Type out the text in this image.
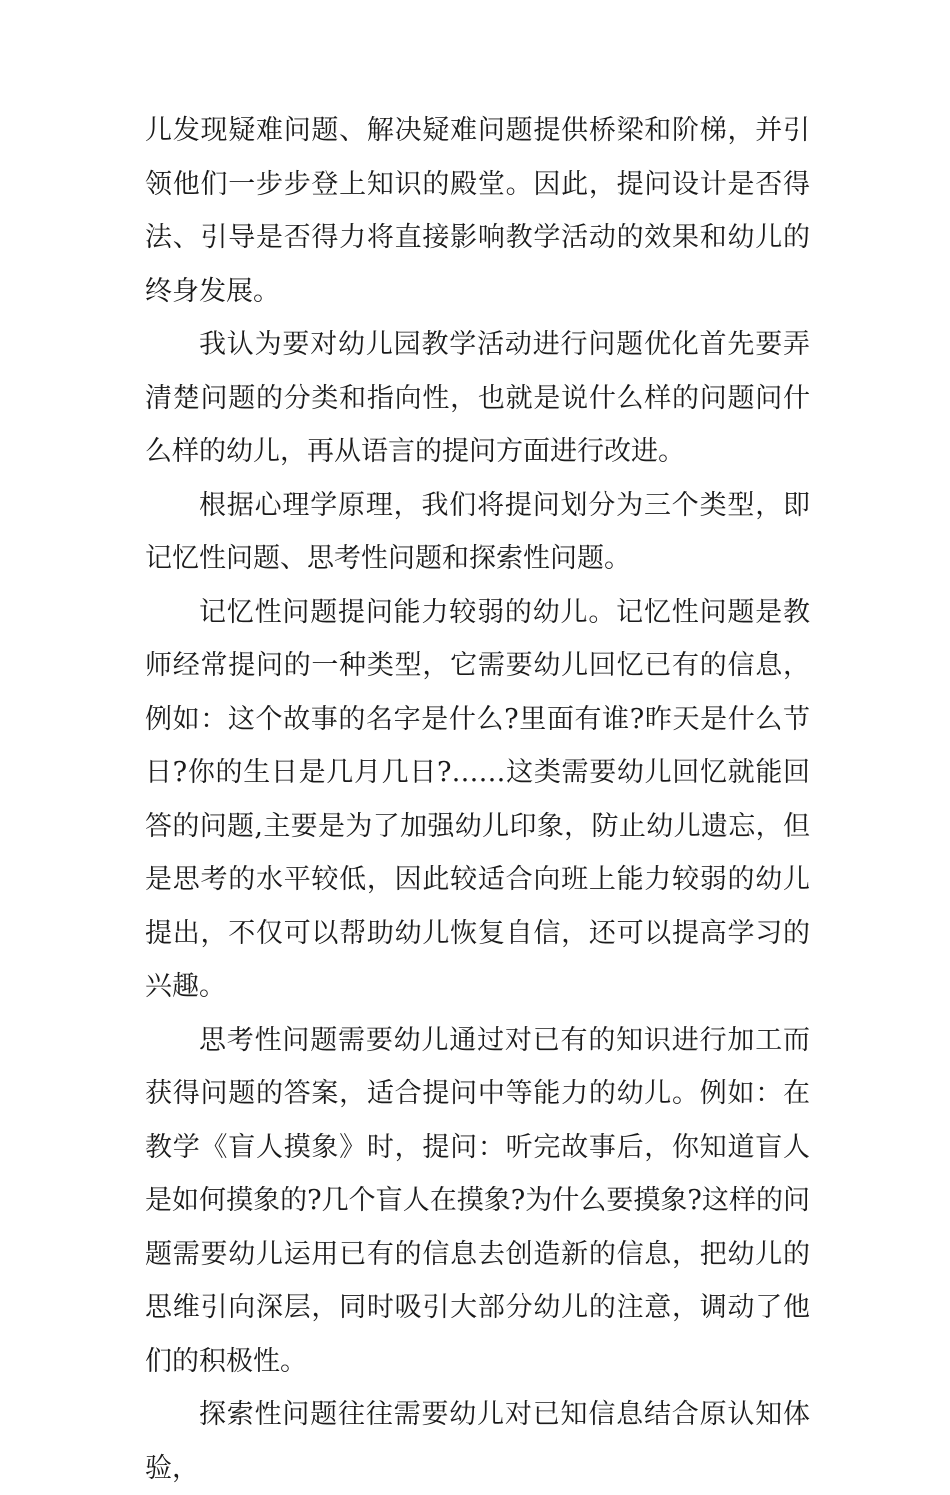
儿发现疑难问题、解决疑难问题提供桥梁和阶梯，并引领他们一步步登上知识的殿堂。因此，提问设计是否得法、引导是否得力将直接影响教学活动的效果和幼儿的终身发展。

我认为要对幼儿园教学活动进行问题优化首先要弄清楚问题的分类和指向性，也就是说什么样的问题问什么样的幼儿，再从语言的提问方面进行改进。

根据心理学原理，我们将提问划分为三个类型，即记忆性问题、思考性问题和探索性问题。

记忆性问题提问能力较弱的幼儿。记忆性问题是教师经常提问的一种类型，它需要幼儿回忆已有的信息，例如：这个故事的名字是什么?里面有谁?昨天是什么节日?你的生日是几月几日?……这类需要幼儿回忆就能回答的问题,主要是为了加强幼儿印象，防止幼儿遗忘，但是思考的水平较低，因此较适合向班上能力较弱的幼儿提出，不仅可以帮助幼儿恢复自信，还可以提高学习的兴趣。

思考性问题需要幼儿通过对已有的知识进行加工而获得问题的答案，适合提问中等能力的幼儿。例如：在教学《盲人摸象》时，提问：听完故事后，你知道盲人是如何摸象的?几个盲人在摸象?为什么要摸象?这样的问题需要幼儿运用已有的信息去创造新的信息，把幼儿的思维引向深层，同时吸引大部分幼儿的注意，调动了他们的积极性。

探索性问题往往需要幼儿对已知信息结合原认知体验，
